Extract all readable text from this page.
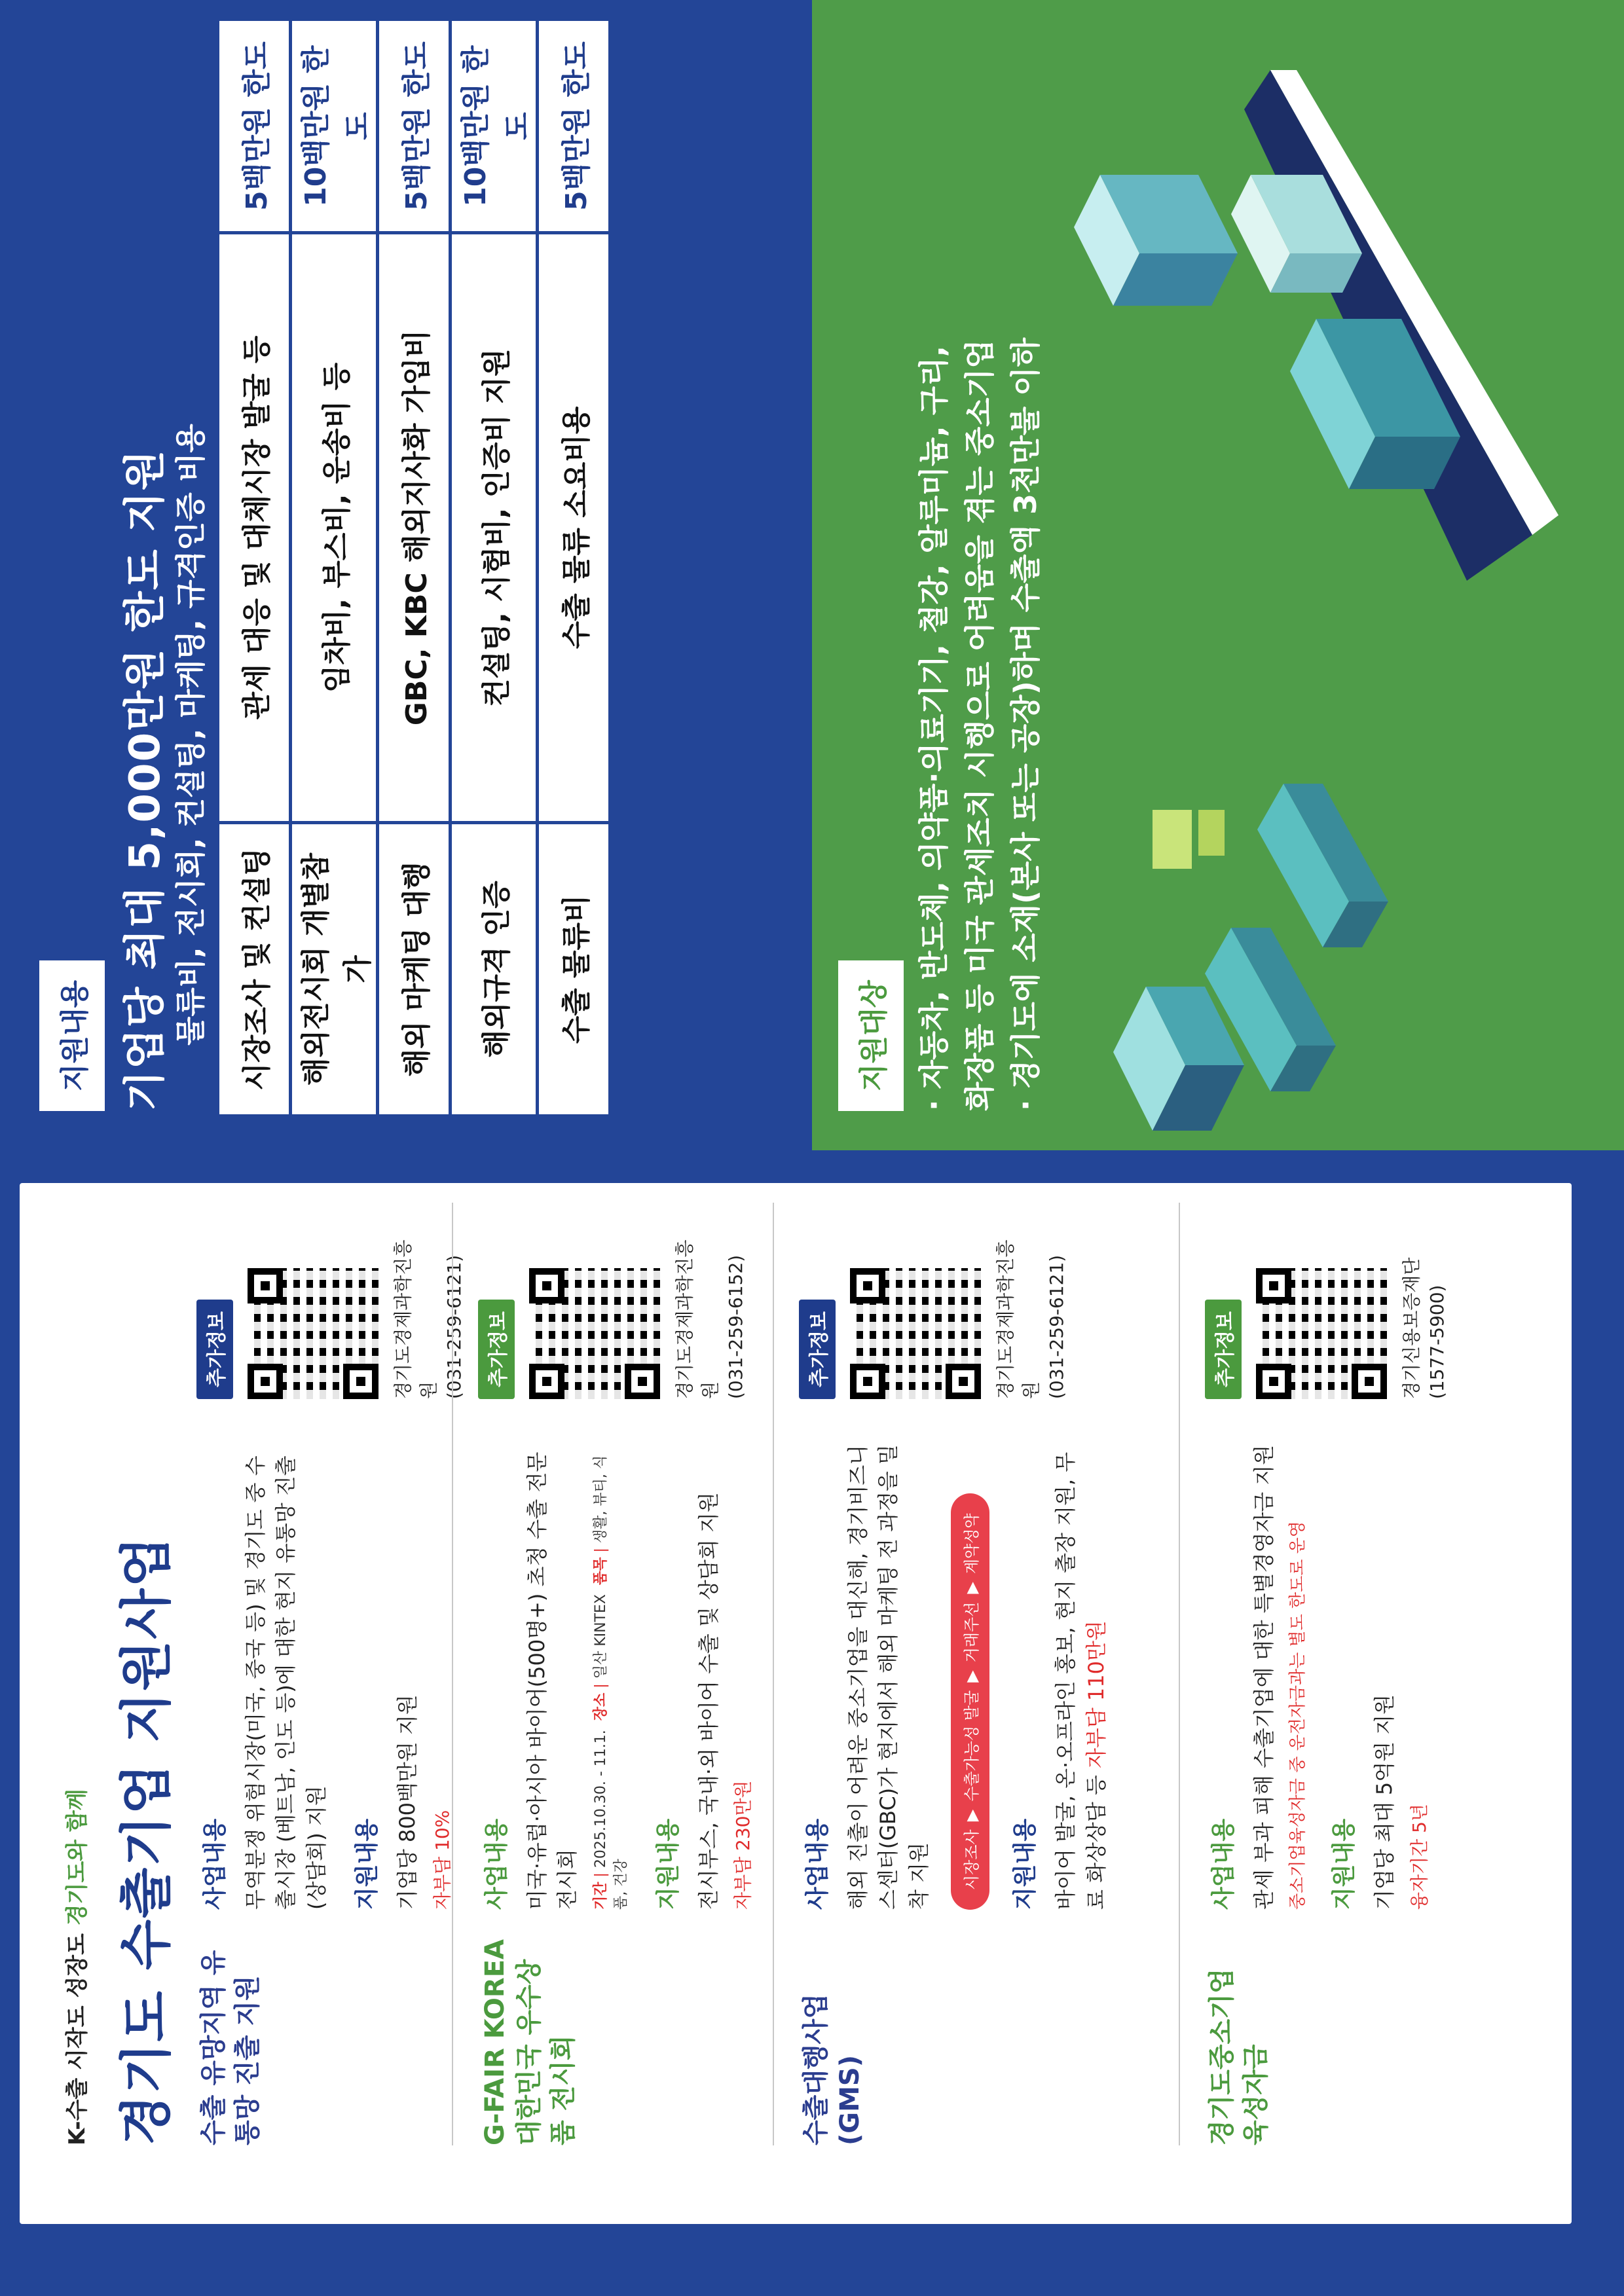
K-수출 시작도 성장도 경기도와 함께 경기도 수출기업 지원사업 수출 유망지역 유통망 진출 지원
사업내용 무역분쟁 위험시장(미국, 중국 등) 및 경기도 중 수출시장 (베트남, 인도 등)에 대한 현지 유통망 진출(상담회) 지원 지원내용 기업당 800백만원 지원 자부담 10%
추가정보	경기도경제과학진흥원 (031-259-6121)
G-FAIR KOREA 대한민국 우수상품 전시회
사업내용 미국·유럽·아시아 바이어(500명+) 초청 수출 전문 전시회 기간 | 2025.10.30. - 11.1.  장소 | 일산 KINTEX  품목 | 생활, 뷰티, 식품, 건강 지원내용 전시부스, 국내·외 바이어 수출 및 상담회 지원 자부담 230만원
추가정보	경기도경제과학진흥원 (031-259-6152)
수출대행사업 (GMS)
사업내용 해외 진출이 어려운 중소기업을 대신해, 경기비즈니스센터(GBC)가 현지에서 해외 마케팅 전 과정을 밀착 지원 시장조사▶수출가능성 발굴▶거래주선▶계약성약
지원내용 바이어 발굴, 온·오프라인 홍보, 현지 출장 지원, 무료 화상상담 등 자부담 110만원
추가정보	경기도경제과학진흥원 (031-259-6121)
경기도중소기업 육성자금
사업내용 관세 부과 피해 수출기업에 대한 특별경영자금 지원 중소기업육성자금 중 운전자금과는 별도 한도로 운영 지원내용 기업당 최대 5억원 지원 융자기간 5년
추가정보	경기신용보증재단 (1577-5900)
지원내용 기업당 최대 5,000만원 한도 지원 물류비, 전시회, 컨설팅, 마케팅, 규격인증 비용 시장조사 및 컨설팅	관세 대응 및 대체시장 발굴 등	5백만원 한도
해외전시회 개별참가	임차비, 부스비, 운송비 등	10백만원 한도
해외 마케팅 대행	GBC, KBC 해외지사화 가입비	5백만원 한도
해외규격 인증	컨설팅, 시험비, 인증비 지원	10백만원 한도
수출 물류비	수출 물류 소요비용	5백만원 한도
지원대상 · 자동차, 반도체, 의약품·의료기기, 철강, 알루미늄, 구리, 화장품 등 미국 관세조치 시행으로 어려움을 겪는 중소기업 · 경기도에 소재(본사 또는 공장)하며 수출액 3천만불 이하
